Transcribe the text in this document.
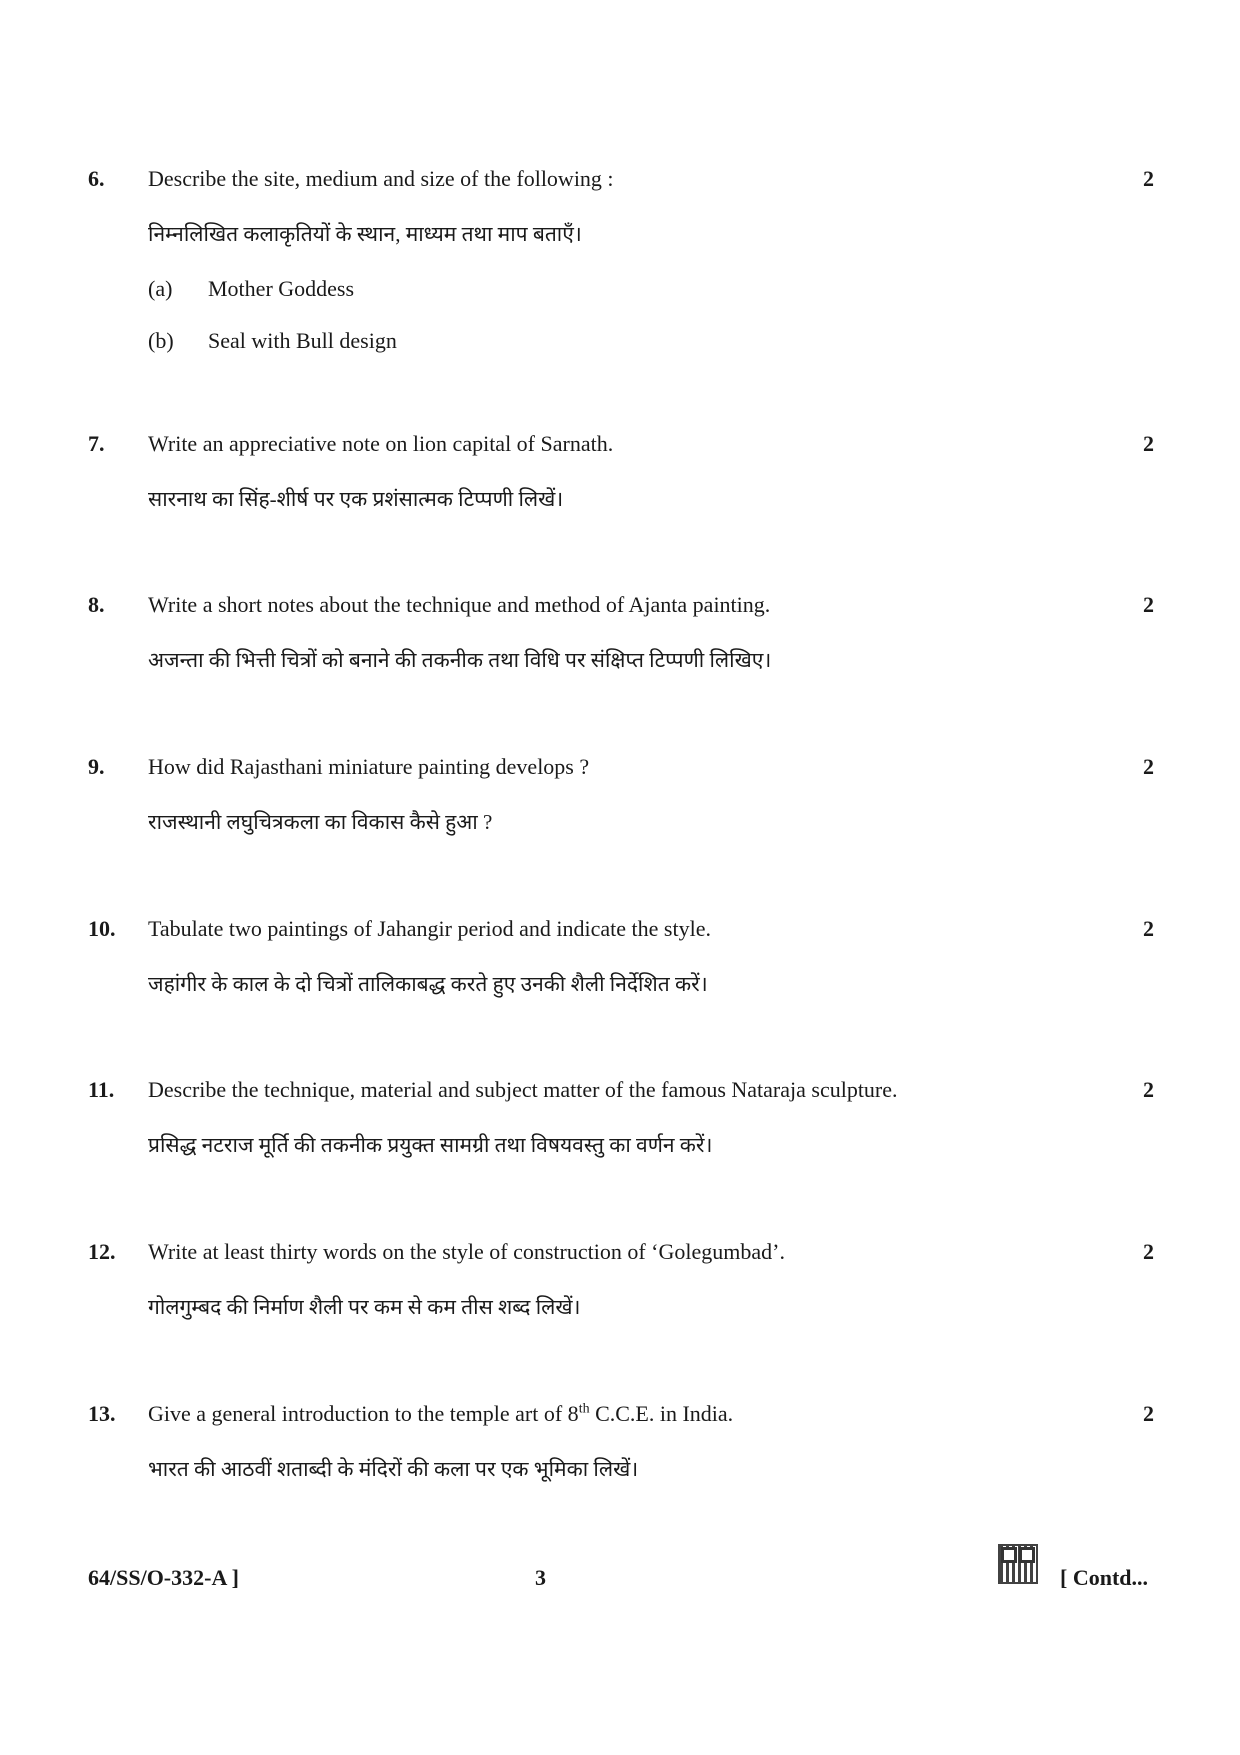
6. Describe the site, medium and size of the following :	2
निम्नलिखित कलाकृतियों के स्थान, माध्यम तथा माप बताएँ।
(a) Mother Goddess
(b) Seal with Bull design
7. Write an appreciative note on lion capital of Sarnath.	2
सारनाथ का सिंह-शीर्ष पर एक प्रशंसात्मक टिप्पणी लिखें।
8. Write a short notes about the technique and method of Ajanta painting.	2
अजन्ता की भित्ती चित्रों को बनाने की तकनीक तथा विधि पर संक्षिप्त टिप्पणी लिखिए।
9. How did Rajasthani miniature painting develops ?	2
राजस्थानी लघुचित्रकला का विकास कैसे हुआ ?
10. Tabulate two paintings of Jahangir period and indicate the style.	2
जहांगीर के काल के दो चित्रों तालिकाबद्ध करते हुए उनकी शैली निर्देशित करें।
11. Describe the technique, material and subject matter of the famous Nataraja sculpture.	2
प्रसिद्ध नटराज मूर्ति की तकनीक प्रयुक्त सामग्री तथा विषयवस्तु का वर्णन करें।
12. Write at least thirty words on the style of construction of ‘Golegumbad’.	2
गोलगुम्बद की निर्माण शैली पर कम से कम तीस शब्द लिखें।
13. Give a general introduction to the temple art of 8th C.C.E. in India.	2
भारत की आठवीं शताब्दी के मंदिरों की कला पर एक भूमिका लिखें।
64/SS/O-332-A ]	3	[ Contd...
